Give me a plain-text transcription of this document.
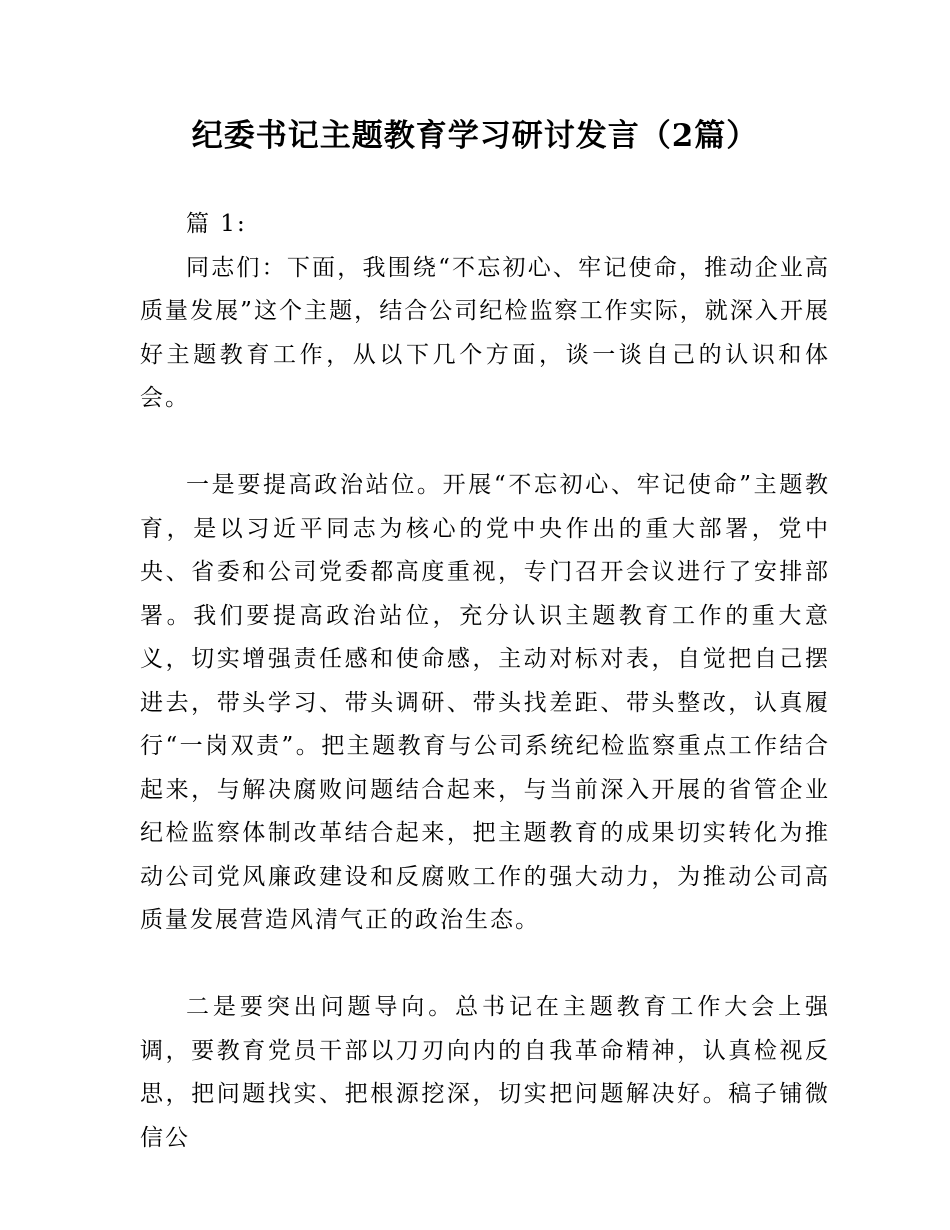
纪委书记主题教育学习研讨发言（2篇）

篇 1:

同志们：下面，我围绕“不忘初心、牢记使命，推动企业高质量发展”这个主题，结合公司纪检监察工作实际，就深入开展好主题教育工作，从以下几个方面，谈一谈自己的认识和体会。

一是要提高政治站位。开展“不忘初心、牢记使命”主题教育，是以习近平同志为核心的党中央作出的重大部署，党中央、省委和公司党委都高度重视，专门召开会议进行了安排部署。我们要提高政治站位，充分认识主题教育工作的重大意义，切实增强责任感和使命感，主动对标对表，自觉把自己摆进去，带头学习、带头调研、带头找差距、带头整改，认真履行“一岗双责”。把主题教育与公司系统纪检监察重点工作结合起来，与解决腐败问题结合起来，与当前深入开展的省管企业纪检监察体制改革结合起来，把主题教育的成果切实转化为推动公司党风廉政建设和反腐败工作的强大动力，为推动公司高质量发展营造风清气正的政治生态。

二是要突出问题导向。总书记在主题教育工作大会上强调，要教育党员干部以刀刃向内的自我革命精神，认真检视反思，把问题找实、把根源挖深，切实把问题解决好。稿子铺微信公
